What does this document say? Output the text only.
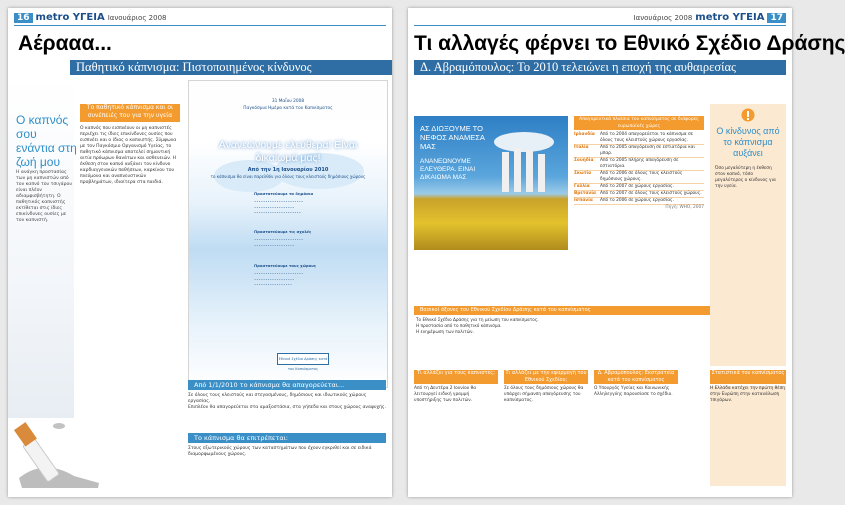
16 metro ΥΓΕΙΑ Ιανουάριος 2008
Αέρααα...
Παθητικό κάπνισμα: Πιστοποιημένος κίνδυνος
Ο καπνός σου ενάντια στη ζωή μου
Η ανάγκη προστασίας των μη καπνιστών από τον καπνό του τσιγάρου είναι πλέον αδιαμφισβήτητη. Ο παθητικός καπνιστής εκτίθεται στις ίδιες επικίνδυνες ουσίες με τον καπνιστή.
Το παθητικό κάπνισμα και οι συνέπειές του για την υγεία
Ο καπνός που εισπνέουν οι μη καπνιστές περιέχει τις ίδιες επικίνδυνες ουσίες που εισπνέει και ο ίδιος ο καπνιστής. Σύμφωνα με τον Παγκόσμιο Οργανισμό Υγείας, το παθητικό κάπνισμα αποτελεί σημαντική αιτία πρόωρων θανάτων και ασθενειών. Η έκθεση στον καπνό αυξάνει τον κίνδυνο καρδιαγγειακών παθήσεων, καρκίνου του πνεύμονα και αναπνευστικών προβλημάτων, ιδιαίτερα στα παιδιά.
31 Μαΐου 2008
Παγκόσμια Ημέρα κατά του Καπνίσματος
Ανανεώνουμε ελεύθερα! Είναι δικαίωμά μας!
Από την 1η Ιανουαρίου 2010
το κάπνισμα θα είναι παρελθόν για όλους τους κλειστούς δημόσιους χώρους
Προστατεύουμε τα δημόσια
••••••••••••••••••••••
••••••••••••••••••
•••••••••••••••••••••
Προστατεύουμε τις σχολές
••••••••••••••••••••••
••••••••••••••••••
Προστατεύουμε τους χώρους
••••••••••••••••••••••
••••••••••••••••••
•••••••••••••••••
Εθνικό Σχέδιο Δράσης κατά του Καπνίσματος
Από 1/1/2010 το κάπνισμα θα απαγορεύεται...
Σε όλους τους κλειστούς και στεγασμένους, δημόσιους και ιδιωτικούς χώρους εργασίας.
Επιπλέον θα απαγορεύεται στα αμαξοστάσια, στα γήπεδα και στους χώρους αναψυχής.
Το κάπνισμα θα επιτρέπεται:
Στους εξωτερικούς χώρους των καταστημάτων που έχουν εγκριθεί και σε ειδικά διαμορφωμένους χώρους.
Ιανουάριος 2008 metro ΥΓΕΙΑ 17
Τι αλλαγές φέρνει το Εθνικό Σχέδιο Δράσης
Δ. Αβραμόπουλος: Το 2010 τελειώνει η εποχή της αυθαιρεσίας
ΑΣ ΔΙΩΞΟΥΜΕ ΤΟ ΝΕΦΟΣ ΑΝΑΜΕΣΑ ΜΑΣ
ΑΝΑΝΕΩΝΟΥΜΕ ΕΛΕΥΘΕΡΑ. ΕΙΝΑΙ ΔΙΚΑΙΩΜΑ ΜΑΣ
Απαγορευτικά πλαίσια του καπνίσματος σε διάφορες ευρωπαϊκές χώρες
Ιρλανδία	Από το 2004 απαγορεύεται το κάπνισμα σε όλους τους κλειστούς χώρους εργασίας.
Ιταλία	Από το 2005 απαγόρευση σε εστιατόρια και μπαρ.
Σουηδία	Από το 2005 πλήρης απαγόρευση σε εστιατόρια.
Σκωτία	Από το 2006 σε όλους τους κλειστούς δημόσιους χώρους.
Γαλλία	Από το 2007 σε χώρους εργασίας.
Βρετανία Από το 2007 σε όλους τους κλειστούς χώρους.
Ισπανία	Από το 2006 σε χώρους εργασίας.
Πηγή: WHO, 2007
Ο κίνδυνος από το κάπνισμα αυξάνει
Όσο μεγαλύτερη η έκθεση στον καπνό, τόσο μεγαλύτερος ο κίνδυνος για την υγεία.
Βασικοί άξονες του Εθνικού Σχεδίου Δράσης κατά του καπνίσματος
Το Εθνικό Σχέδιο Δράσης για τη μείωση του καπνίσματος.
Η προστασία από το παθητικό κάπνισμα.
Η ενημέρωση των πολιτών.
Τι αλλάζει για τους καπνιστές;
Από τη Δευτέρα 2 Ιουνίου θα λειτουργεί ειδική γραμμή υποστήριξης των πολιτών.
Τι αλλάζει με την εφαρμογή του Εθνικού Σχεδίου;
Σε όλους τους δημόσιους χώρους θα υπάρχει σήμανση απαγόρευσης του καπνίσματος.
Δ. Αβραμόπουλος: Εκστρατεία κατά του καπνίσματος
Ο Υπουργός Υγείας και Κοινωνικής Αλληλεγγύης παρουσίασε το σχέδιο.
Στατιστικά του καπνίσματος
Η Ελλάδα κατέχει την πρώτη θέση στην Ευρώπη στην κατανάλωση τσιγάρων.
